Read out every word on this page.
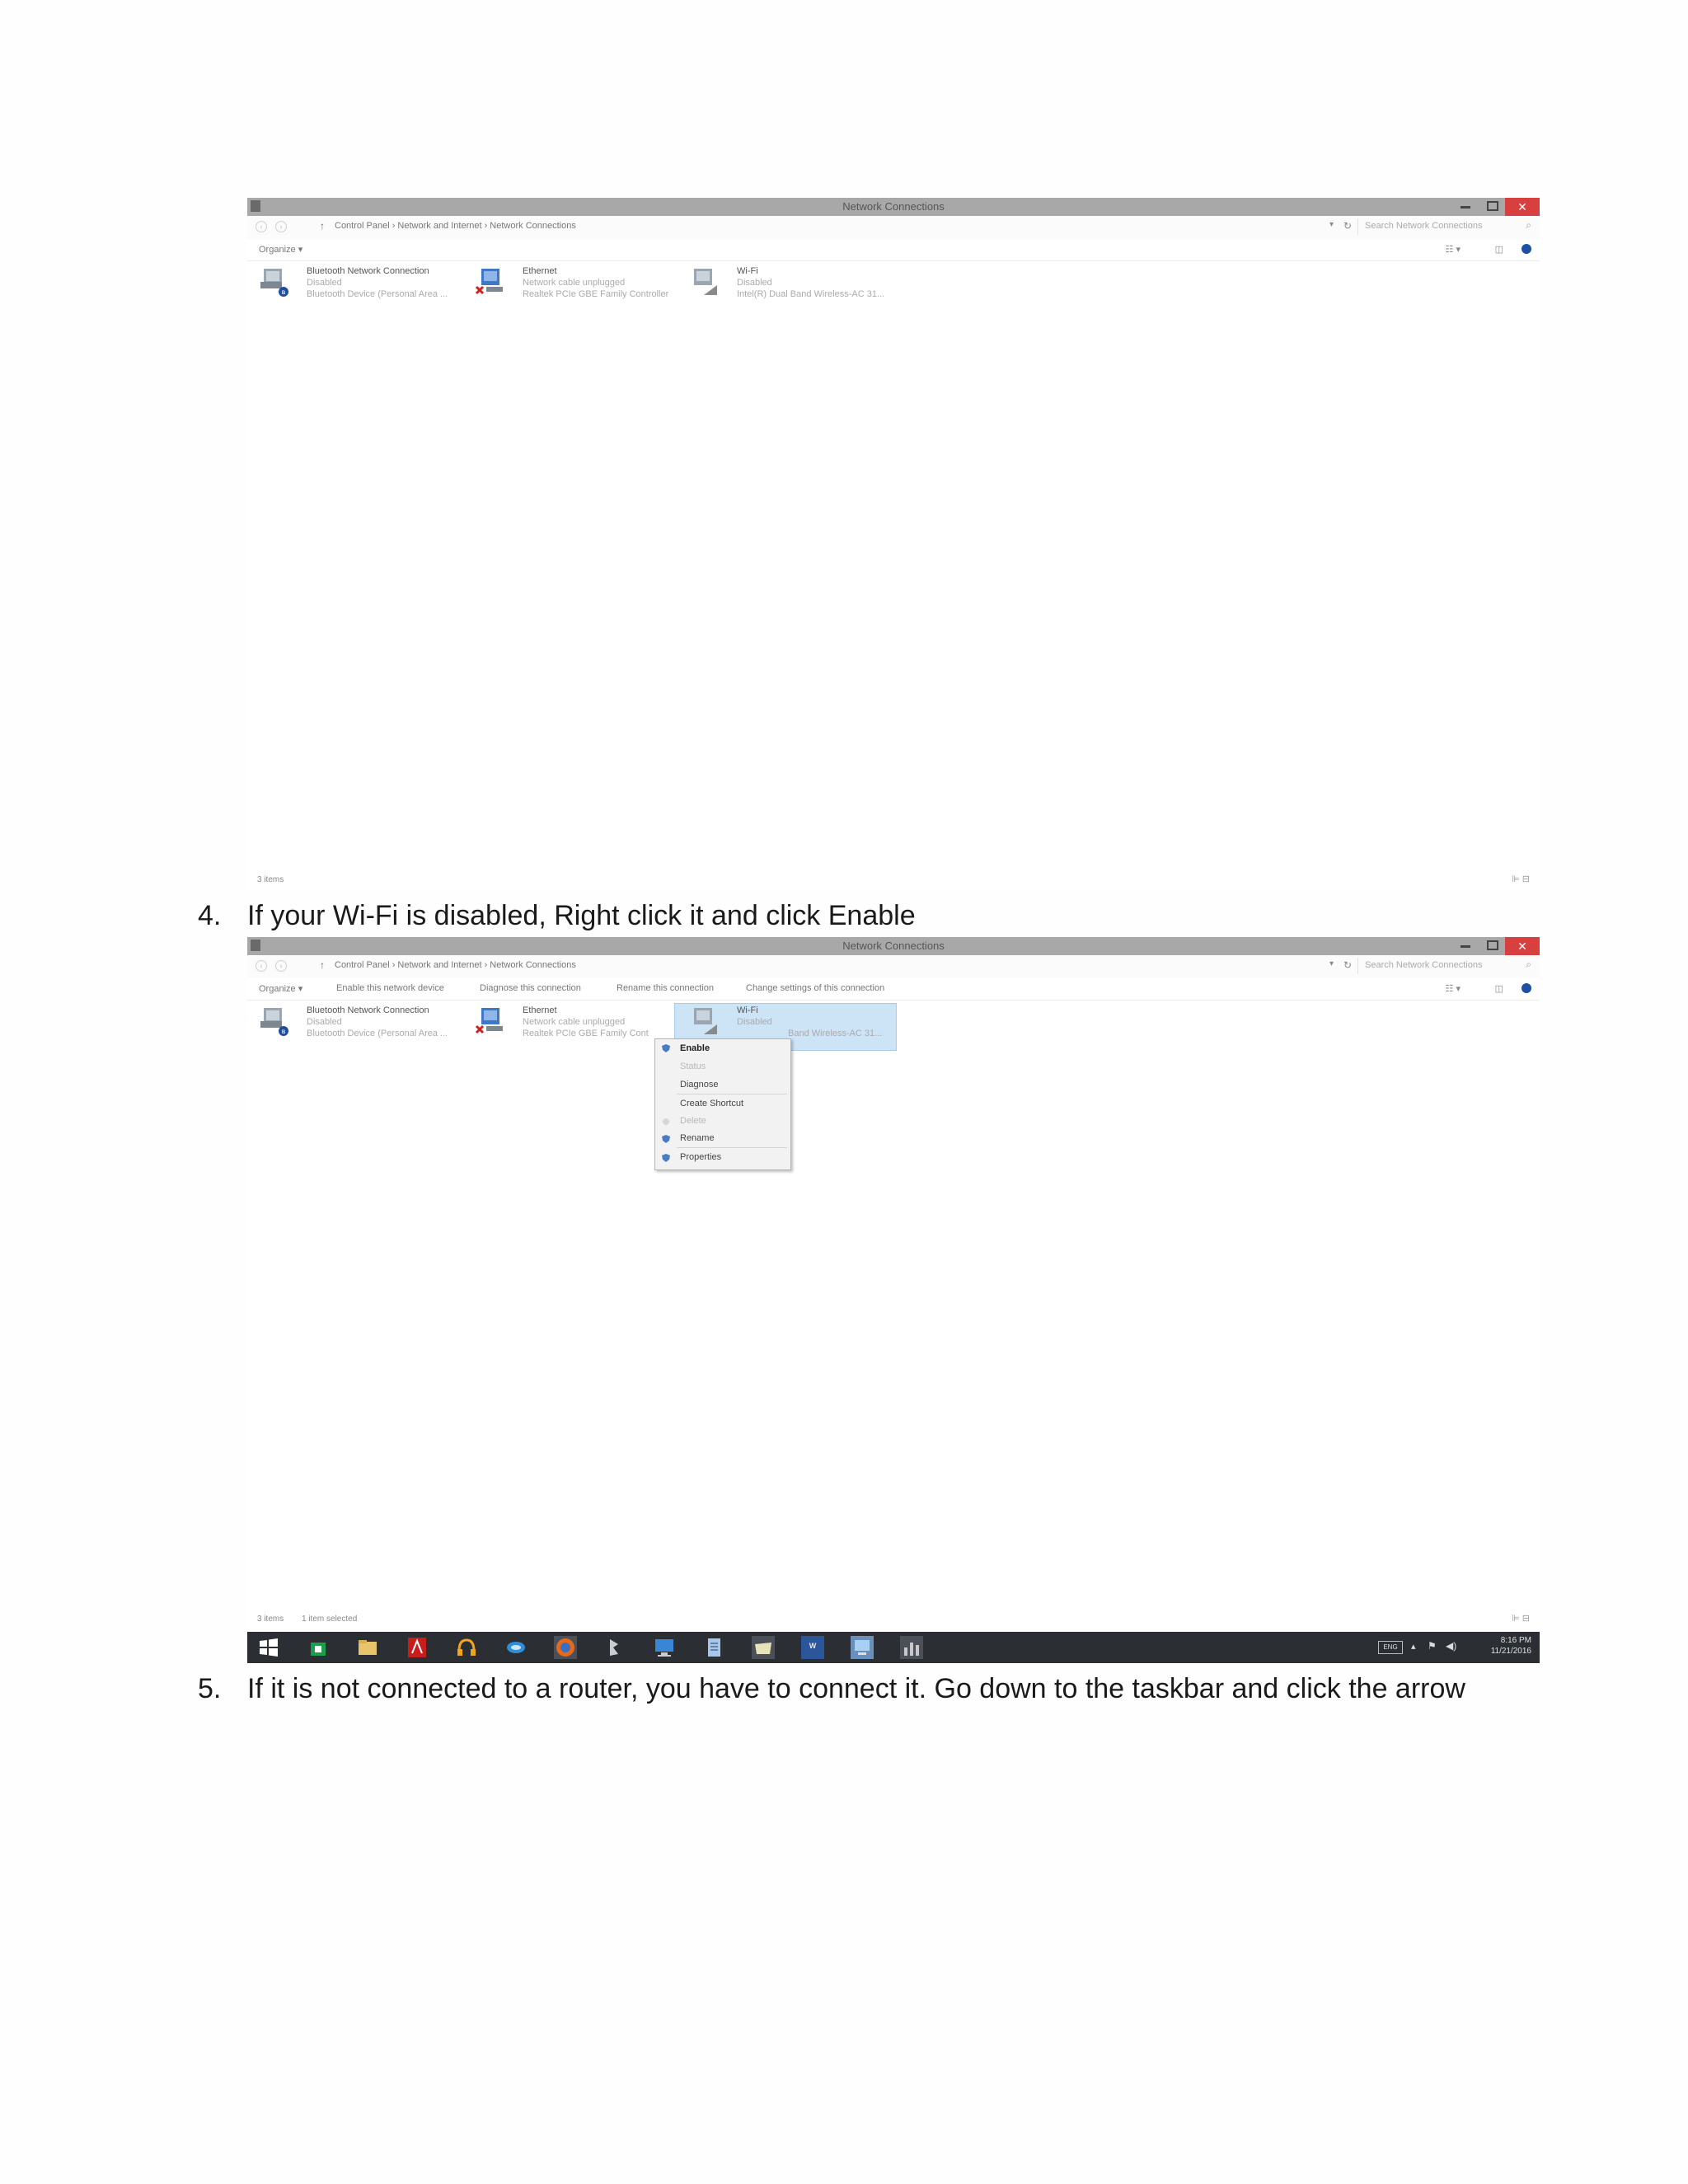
Network Connections	✕
‹	›	↑ Control Panel › Network and Internet › Network Connections	▾ ↻ Search Network Connections	⌕
Organize ▾	☷ ▾	◫
ʙ
Bluetooth Network Connection
Disabled
Bluetooth Device (Personal Area ...
Ethernet
Network cable unplugged
Realtek PCIe GBE Family Controller
Wi-Fi
Disabled
Intel(R) Dual Band Wireless-AC 31...
3 items	⊫ ⊟
4. If your Wi-Fi is disabled, Right click it and click Enable
Network Connections	✕
‹	›	↑ Control Panel › Network and Internet › Network Connections	▾ ↻ Search Network Connections	⌕
Organize ▾	Enable this network device	Diagnose this connection	Rename this connection	Change settings of this connection	☷ ▾	◫
ʙ
Bluetooth Network Connection
Disabled
Bluetooth Device (Personal Area ...
Ethernet
Network cable unplugged
Realtek PCIe GBE Family Cont
Wi-Fi
Disabled
Band Wireless-AC 31...
3 items 1 item selected	⊫ ⊟
Enable
Status
Diagnose
Create Shortcut
Delete
Rename
Properties
W	ENG	▴ ⚑ ◀)	8:16 PM
11/21/2016
5. If it is not connected to a router, you have to connect it. Go down to the taskbar and click the arrow
